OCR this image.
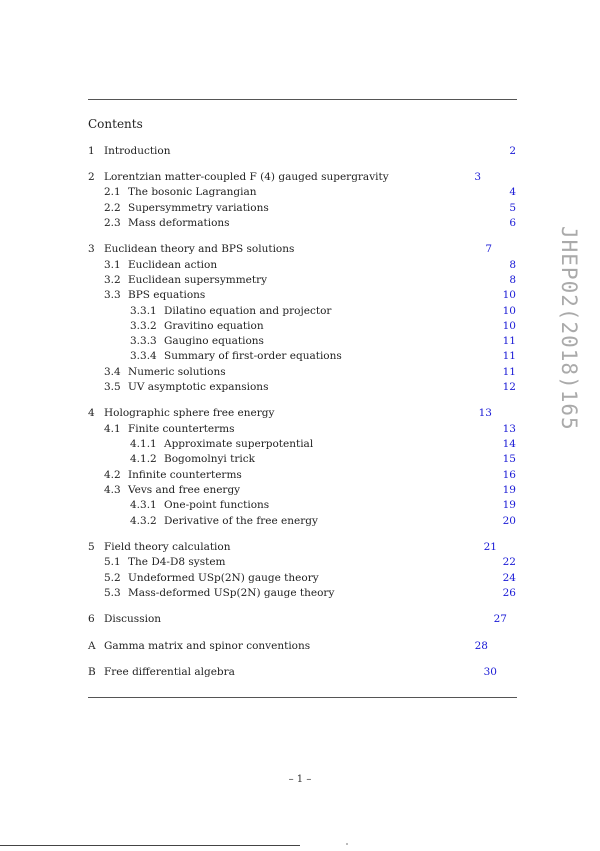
Contents
1 Introduction	2
2 Lorentzian matter-coupled F (4) gauged supergravity	3
2.1 The bosonic Lagrangian	4
2.2 Supersymmetry variations	5
2.3 Mass deformations	6
3 Euclidean theory and BPS solutions	7
3.1 Euclidean action	8
3.2 Euclidean supersymmetry	8
3.3 BPS equations	10
3.3.1 Dilatino equation and projector	10
3.3.2 Gravitino equation	10
3.3.3 Gaugino equations	11
3.3.4 Summary of first-order equations	11
3.4 Numeric solutions	11
3.5 UV asymptotic expansions	12
4 Holographic sphere free energy	13
4.1 Finite counterterms	13
4.1.1 Approximate superpotential	14
4.1.2 Bogomolnyi trick	15
4.2 Infinite counterterms	16
4.3 Vevs and free energy	19
4.3.1 One-point functions	19
4.3.2 Derivative of the free energy	20
5 Field theory calculation	21
5.1 The D4-D8 system	22
5.2 Undeformed USp(2N) gauge theory	24
5.3 Mass-deformed USp(2N) gauge theory	26
6 Discussion	27
A Gamma matrix and spinor conventions	28
B Free differential algebra	30
JHEP02(2018)165
– 1 –
